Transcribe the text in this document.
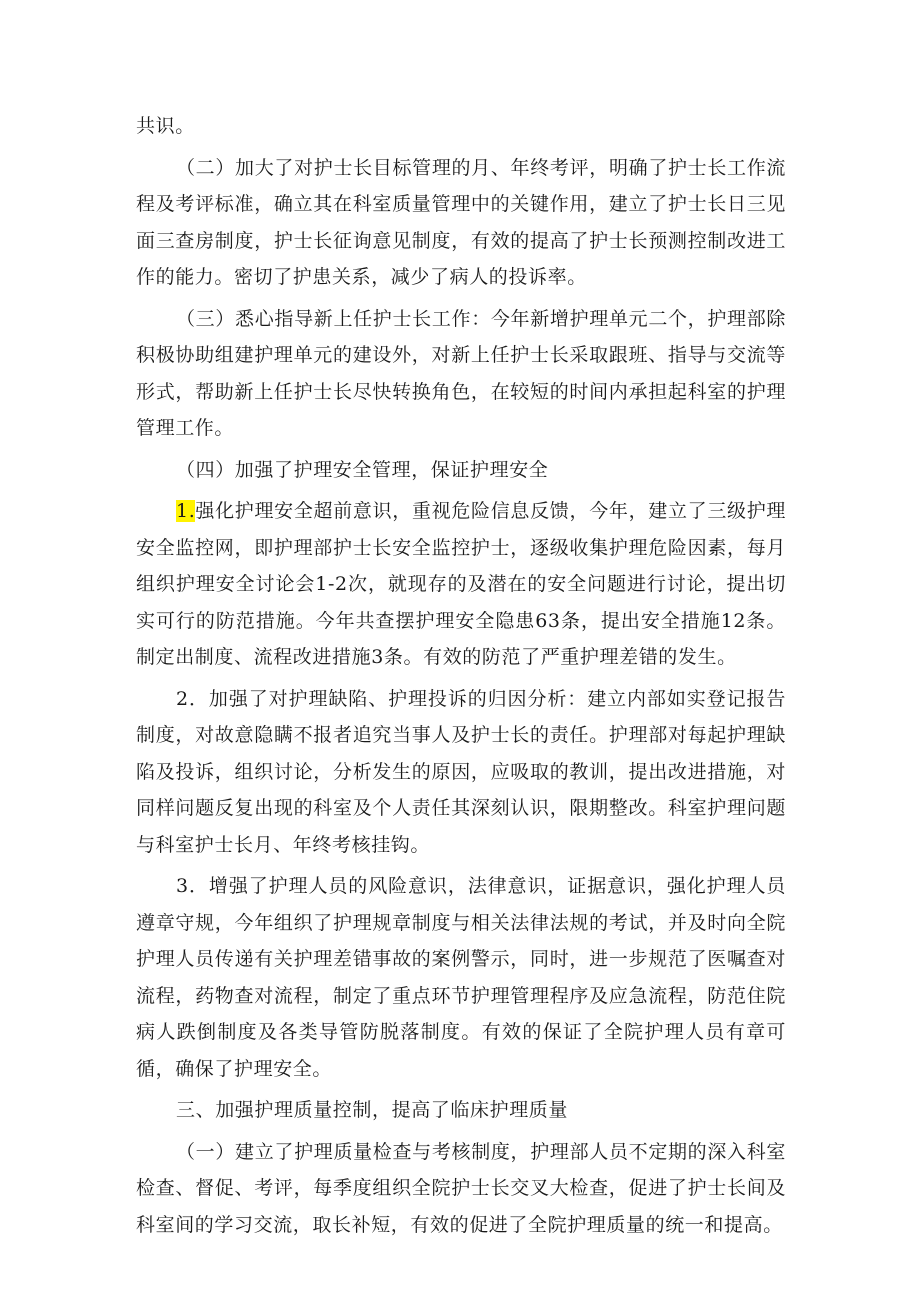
共识。

（二）加大了对护士长目标管理的月、年终考评，明确了护士长工作流程及考评标准，确立其在科室质量管理中的关键作用，建立了护士长日三见面三查房制度，护士长征询意见制度，有效的提高了护士长预测控制改进工作的能力。密切了护患关系，减少了病人的投诉率。

（三）悉心指导新上任护士长工作：今年新增护理单元二个，护理部除积极协助组建护理单元的建设外，对新上任护士长采取跟班、指导与交流等形式，帮助新上任护士长尽快转换角色，在较短的时间内承担起科室的护理管理工作。

（四）加强了护理安全管理，保证护理安全

1.强化护理安全超前意识，重视危险信息反馈，今年，建立了三级护理安全监控网，即护理部护士长安全监控护士，逐级收集护理危险因素，每月组织护理安全讨论会1-2次，就现存的及潜在的安全问题进行讨论，提出切实可行的防范措施。今年共查摆护理安全隐患63条，提出安全措施12条。制定出制度、流程改进措施3条。有效的防范了严重护理差错的发生。

2．加强了对护理缺陷、护理投诉的归因分析：建立内部如实登记报告制度，对故意隐瞒不报者追究当事人及护士长的责任。护理部对每起护理缺陷及投诉，组织讨论，分析发生的原因，应吸取的教训，提出改进措施，对同样问题反复出现的科室及个人责任其深刻认识，限期整改。科室护理问题与科室护士长月、年终考核挂钩。

3．增强了护理人员的风险意识，法律意识，证据意识，强化护理人员遵章守规，今年组织了护理规章制度与相关法律法规的考试，并及时向全院护理人员传递有关护理差错事故的案例警示，同时，进一步规范了医嘱查对流程，药物查对流程，制定了重点环节护理管理程序及应急流程，防范住院病人跌倒制度及各类导管防脱落制度。有效的保证了全院护理人员有章可循，确保了护理安全。

三、加强护理质量控制，提高了临床护理质量

（一）建立了护理质量检查与考核制度，护理部人员不定期的深入科室检查、督促、考评，每季度组织全院护士长交叉大检查，促进了护士长间及科室间的学习交流，取长补短，有效的促进了全院护理质量的统一和提高。
